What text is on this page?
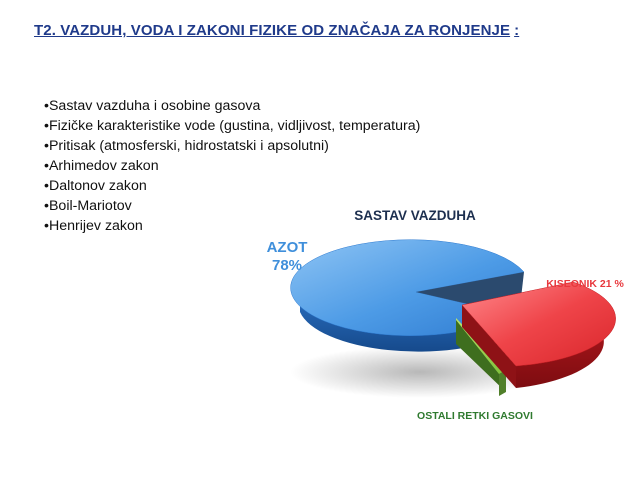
T2. VAZDUH, VODA I ZAKONI FIZIKE OD ZNAČAJA ZA RONJENJE :
•Sastav vazduha i osobine gasova
•Fizičke karakteristike vode (gustina, vidljivost, temperatura)
•Pritisak (atmosferski, hidrostatski i apsolutni)
•Arhimedov zakon
•Daltonov zakon
•Boil-Mariotov
•Henrijev zakon
SASTAV VAZDUHA
AZOT
78%
KISEONIK 21 %
OSTALI RETKI GASOVI
